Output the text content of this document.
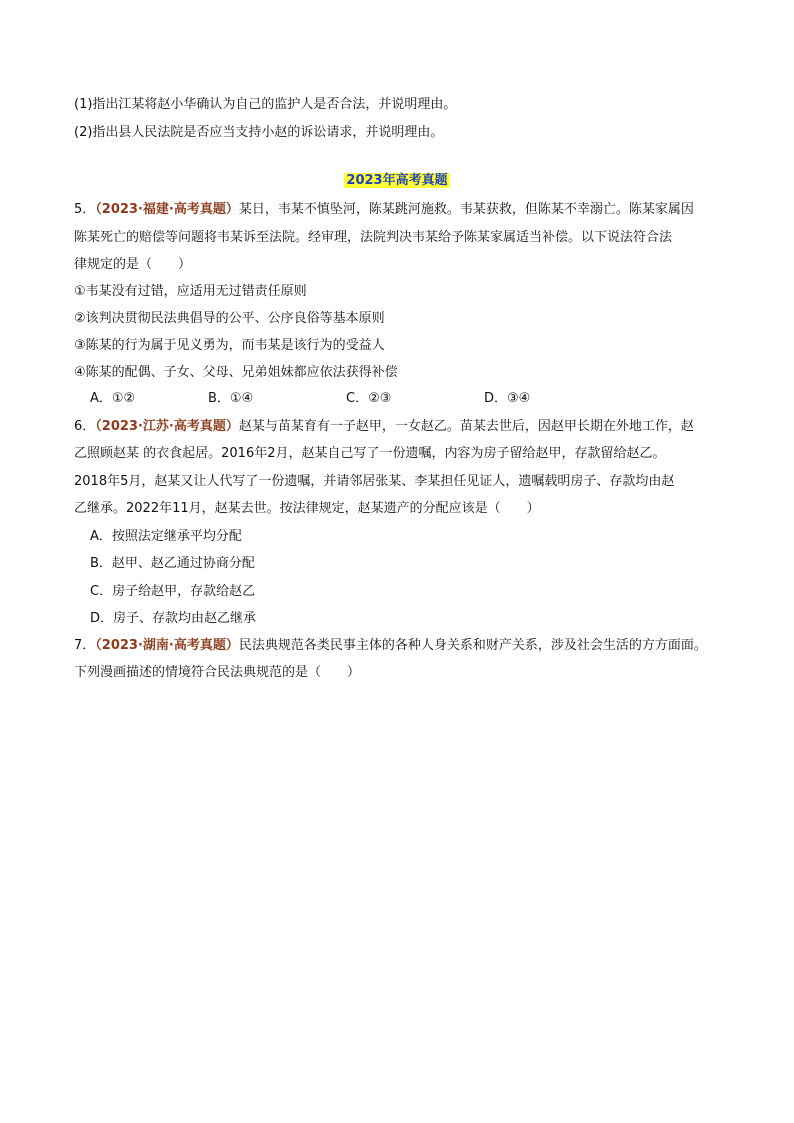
(1)指出江某将赵小华确认为自己的监护人是否合法，并说明理由。
(2)指出县人民法院是否应当支持小赵的诉讼请求，并说明理由。
2023年高考真题
5．（2023·福建·高考真题）某日，韦某不慎坠河，陈某跳河施救。韦某获救，但陈某不幸溺亡。陈某家属因
陈某死亡的赔偿等问题将韦某诉至法院。经审理，法院判决韦某给予陈某家属适当补偿。以下说法符合法
律规定的是（　　）
①韦某没有过错，应适用无过错责任原则
②该判决贯彻民法典倡导的公平、公序良俗等基本原则
③陈某的行为属于见义勇为，而韦某是该行为的受益人
④陈某的配偶、子女、父母、兄弟姐妹都应依法获得补偿
A．①②	B．①④	C．②③	D．③④
6．（2023·江苏·高考真题）赵某与苗某育有一子赵甲，一女赵乙。苗某去世后，因赵甲长期在外地工作，赵
乙照顾赵某 的衣食起居。2016年2月，赵某自己写了一份遗嘱，内容为房子留给赵甲，存款留给赵乙。
2018年5月，赵某又让人代写了一份遗嘱，并请邻居张某、李某担任见证人，遗嘱载明房子、存款均由赵
乙继承。2022年11月，赵某去世。按法律规定，赵某遗产的分配应该是（　　）
A．按照法定继承平均分配
B．赵甲、赵乙通过协商分配
C．房子给赵甲，存款给赵乙
D．房子、存款均由赵乙继承
7．（2023·湖南·高考真题）民法典规范各类民事主体的各种人身关系和财产关系，涉及社会生活的方方面面。
下列漫画描述的情境符合民法典规范的是（　　）
